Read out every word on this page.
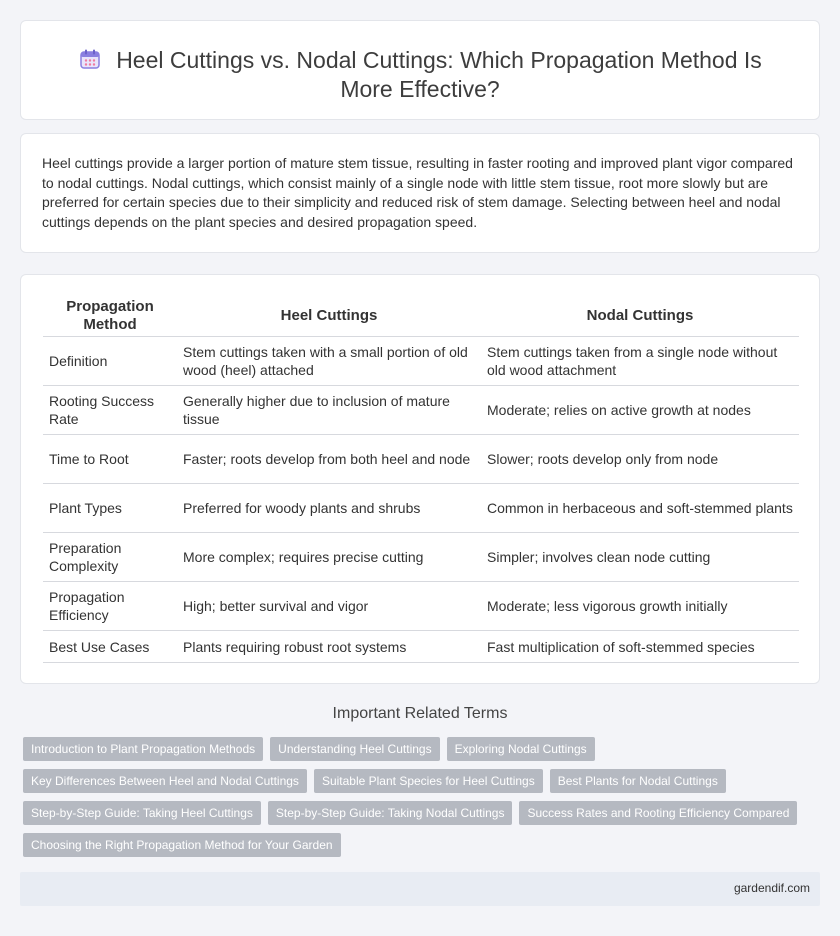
Heel Cuttings vs. Nodal Cuttings: Which Propagation Method Is More Effective?

Heel cuttings provide a larger portion of mature stem tissue, resulting in faster rooting and improved plant vigor compared to nodal cuttings. Nodal cuttings, which consist mainly of a single node with little stem tissue, root more slowly but are preferred for certain species due to their simplicity and reduced risk of stem damage. Selecting between heel and nodal cuttings depends on the plant species and desired propagation speed.

Propagation Method	Heel Cuttings	Nodal Cuttings
Definition	Stem cuttings taken with a small portion of old wood (heel) attached	Stem cuttings taken from a single node without old wood attachment
Rooting Success Rate	Generally higher due to inclusion of mature tissue	Moderate; relies on active growth at nodes
Time to Root	Faster; roots develop from both heel and node	Slower; roots develop only from node
Plant Types	Preferred for woody plants and shrubs	Common in herbaceous and soft-stemmed plants
Preparation Complexity	More complex; requires precise cutting	Simpler; involves clean node cutting
Propagation Efficiency	High; better survival and vigor	Moderate; less vigorous growth initially
Best Use Cases	Plants requiring robust root systems	Fast multiplication of soft-stemmed species
Important Related Terms
Introduction to Plant Propagation Methods	Understanding Heel Cuttings	Exploring Nodal Cuttings
Key Differences Between Heel and Nodal Cuttings	Suitable Plant Species for Heel Cuttings	Best Plants for Nodal Cuttings
Step-by-Step Guide: Taking Heel Cuttings	Step-by-Step Guide: Taking Nodal Cuttings	Success Rates and Rooting Efficiency Compared
Choosing the Right Propagation Method for Your Garden
gardendif.com
